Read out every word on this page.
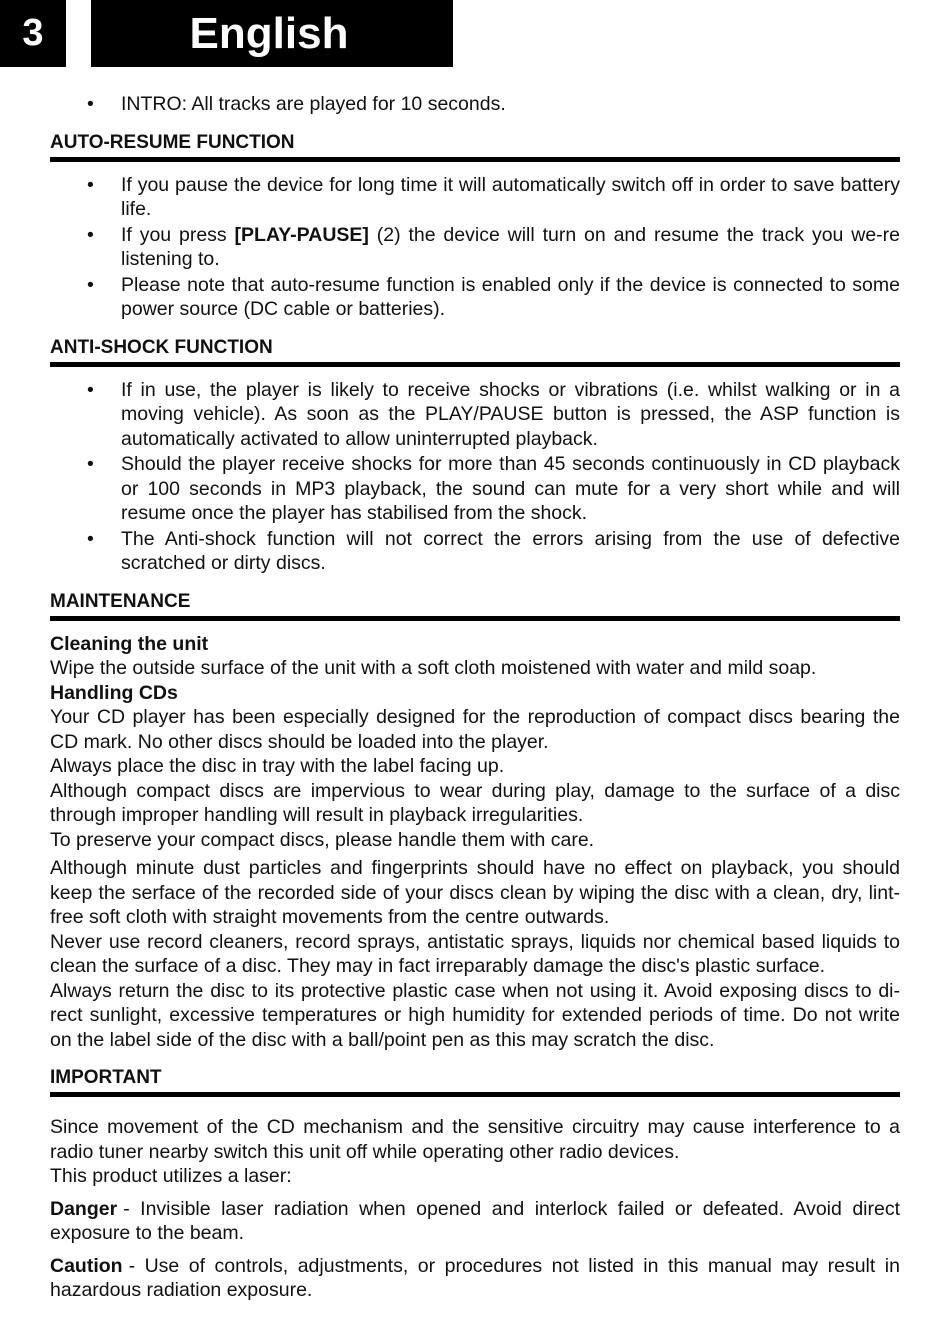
3	English
• INTRO: All tracks are played for 10 seconds.
AUTO-RESUME FUNCTION
• If you pause the device for long time it will automatically switch off in order to save battery life.
• If you press [PLAY-PAUSE] (2) the device will turn on and resume the track you we-re listening to.
• Please note that auto-resume function is enabled only if the device is connected to some power source (DC cable or batteries).
ANTI-SHOCK FUNCTION
• If in use, the player is likely to receive shocks or vibrations (i.e. whilst walking or in a moving vehicle). As soon as the PLAY/PAUSE button is pressed, the ASP function is automatically activated to allow uninterrupted playback.
• Should the player receive shocks for more than 45 seconds continuously in CD playback or 100 seconds in MP3 playback, the sound can mute for a very short while and will resume once the player has stabilised from the shock.
• The Anti-shock function will not correct the errors arising from the use of defective scratched or dirty discs.
MAINTENANCE

Cleaning the unit

Wipe the outside surface of the unit with a soft cloth moistened with water and mild soap.

Handling CDs

Your CD player has been especially designed for the reproduction of compact discs bearing the CD mark. No other discs should be loaded into the player.

Always place the disc in tray with the label facing up.

Although compact discs are impervious to wear during play, damage to the surface of a disc through improper handling will result in playback irregularities.

To preserve your compact discs, please handle them with care.

Although minute dust particles and fingerprints should have no effect on playback, you should keep the serface of the recorded side of your discs clean by wiping the disc with a clean, dry, lint-free soft cloth with straight movements from the centre outwards.

Never use record cleaners, record sprays, antistatic sprays, liquids nor chemical based liquids to clean the surface of a disc. They may in fact irreparably damage the disc's plastic surface.

Always return the disc to its protective plastic case when not using it. Avoid exposing discs to di-rect sunlight, excessive temperatures or high humidity for extended periods of time. Do not write on the label side of the disc with a ball/point pen as this may scratch the disc.

IMPORTANT

Since movement of the CD mechanism and the sensitive circuitry may cause interference to a radio tuner nearby switch this unit off while operating other radio devices.

This product utilizes a laser:

Danger - Invisible laser radiation when opened and interlock failed or defeated. Avoid direct exposure to the beam.

Caution - Use of controls, adjustments, or procedures not listed in this manual may result in hazardous radiation exposure.
